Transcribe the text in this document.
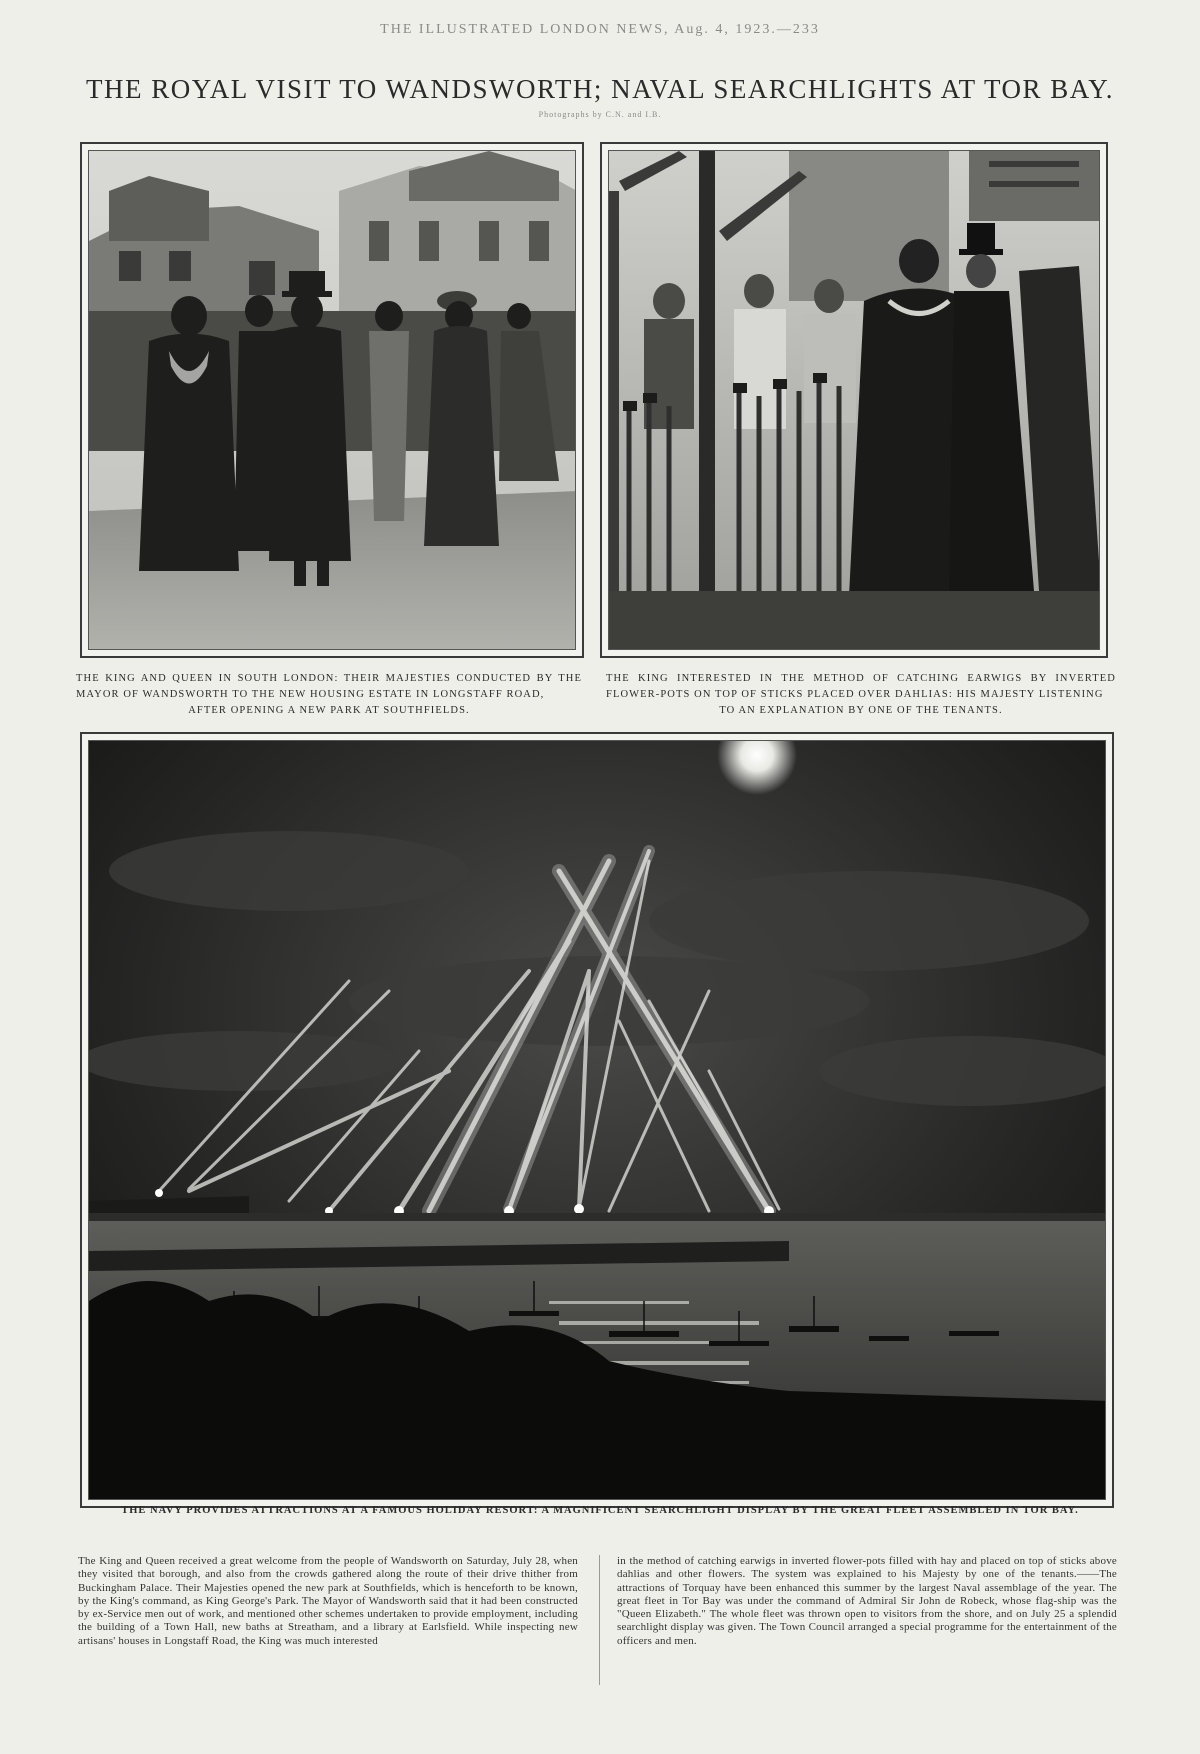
THE ILLUSTRATED LONDON NEWS, Aug. 4, 1923.—233
THE ROYAL VISIT TO WANDSWORTH; NAVAL SEARCHLIGHTS AT TOR BAY.
Photographs by C.N. and I.B.
THE KING AND QUEEN IN SOUTH LONDON: THEIR MAJESTIES CONDUCTED BY THE MAYOR OF WANDSWORTH TO THE NEW HOUSING ESTATE IN LONGSTAFF ROAD,
AFTER OPENING A NEW PARK AT SOUTHFIELDS.
THE KING INTERESTED IN THE METHOD OF CATCHING EARWIGS BY INVERTED FLOWER-POTS ON TOP OF STICKS PLACED OVER DAHLIAS: HIS MAJESTY LISTENING
TO AN EXPLANATION BY ONE OF THE TENANTS.
THE NAVY PROVIDES ATTRACTIONS AT A FAMOUS HOLIDAY RESORT: A MAGNIFICENT SEARCHLIGHT DISPLAY BY THE GREAT FLEET ASSEMBLED IN TOR BAY.
The King and Queen received a great welcome from the people of Wandsworth on Saturday, July 28, when they visited that borough, and also from the crowds gathered along the route of their drive thither from Buckingham Palace. Their Majesties opened the new park at Southfields, which is henceforth to be known, by the King's command, as King George's Park. The Mayor of Wandsworth said that it had been constructed by ex-Service men out of work, and mentioned other schemes undertaken to provide employment, including the building of a Town Hall, new baths at Streatham, and a library at Earlsfield. While inspecting new artisans' houses in Longstaff Road, the King was much interested
in the method of catching earwigs in inverted flower-pots filled with hay and placed on top of sticks above dahlias and other flowers. The system was explained to his Majesty by one of the tenants.——The attractions of Torquay have been enhanced this summer by the largest Naval assemblage of the year. The great fleet in Tor Bay was under the command of Admiral Sir John de Robeck, whose flag-ship was the "Queen Elizabeth." The whole fleet was thrown open to visitors from the shore, and on July 25 a splendid searchlight display was given. The Town Council arranged a special programme for the entertainment of the officers and men.
